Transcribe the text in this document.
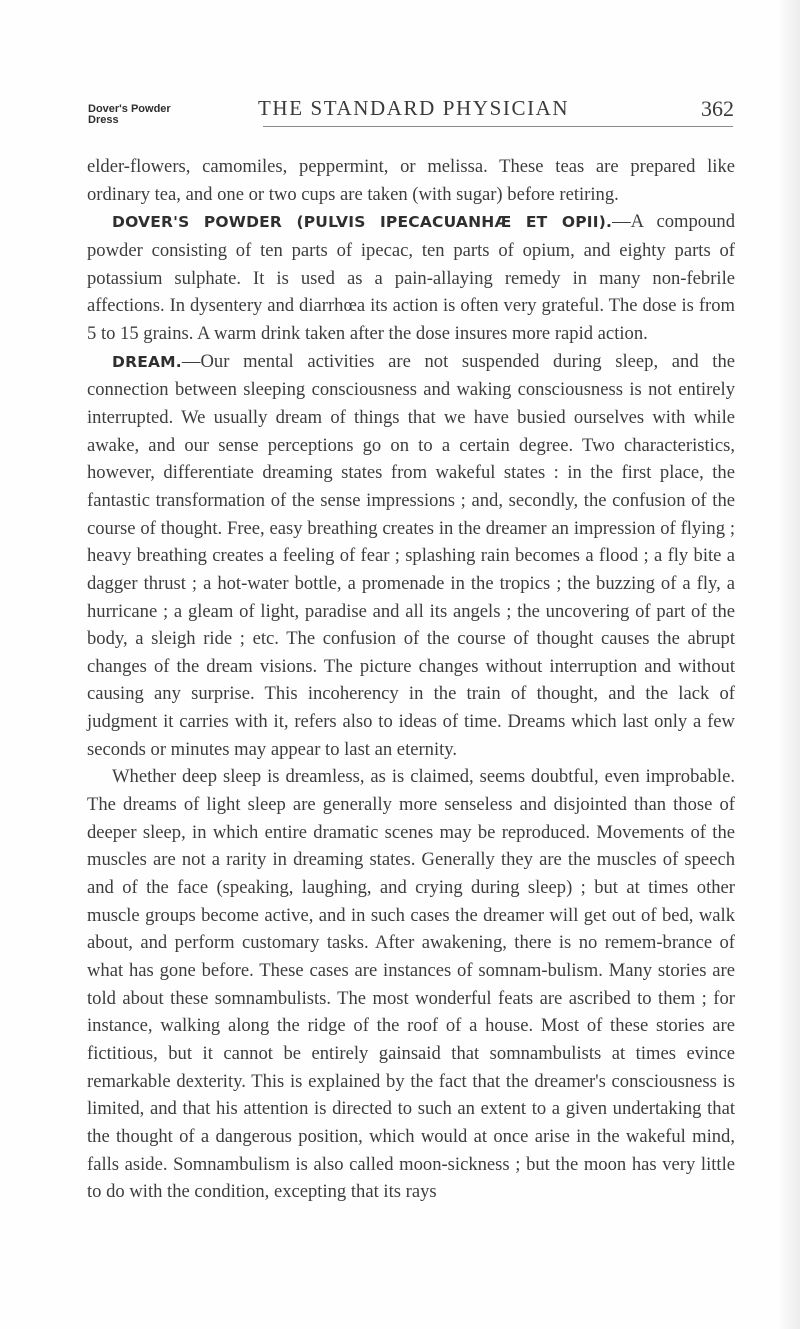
Dover's Powder Dress	THE STANDARD PHYSICIAN	362

elder-flowers, camomiles, peppermint, or melissa. These teas are prepared like ordinary tea, and one or two cups are taken (with sugar) before retiring.

DOVER'S POWDER (PULVIS IPECACUANHÆ ET OPII).—A compound powder consisting of ten parts of ipecac, ten parts of opium, and eighty parts of potassium sulphate. It is used as a pain-allaying remedy in many non-febrile affections. In dysentery and diarrhœa its action is often very grateful. The dose is from 5 to 15 grains. A warm drink taken after the dose insures more rapid action.

DREAM.—Our mental activities are not suspended during sleep, and the connection between sleeping consciousness and waking consciousness is not entirely interrupted. We usually dream of things that we have busied ourselves with while awake, and our sense perceptions go on to a certain degree. Two characteristics, however, differentiate dreaming states from wakeful states : in the first place, the fantastic transformation of the sense impressions ; and, secondly, the confusion of the course of thought. Free, easy breathing creates in the dreamer an impression of flying ; heavy breathing creates a feeling of fear ; splashing rain becomes a flood ; a fly bite a dagger thrust ; a hot-water bottle, a promenade in the tropics ; the buzzing of a fly, a hurricane ; a gleam of light, paradise and all its angels ; the uncovering of part of the body, a sleigh ride ; etc. The confusion of the course of thought causes the abrupt changes of the dream visions. The picture changes without interruption and without causing any surprise. This incoherency in the train of thought, and the lack of judgment it carries with it, refers also to ideas of time. Dreams which last only a few seconds or minutes may appear to last an eternity.

Whether deep sleep is dreamless, as is claimed, seems doubtful, even improbable. The dreams of light sleep are generally more senseless and disjointed than those of deeper sleep, in which entire dramatic scenes may be reproduced. Movements of the muscles are not a rarity in dreaming states. Generally they are the muscles of speech and of the face (speaking, laughing, and crying during sleep) ; but at times other muscle groups become active, and in such cases the dreamer will get out of bed, walk about, and perform customary tasks. After awakening, there is no remem-brance of what has gone before. These cases are instances of somnam-bulism. Many stories are told about these somnambulists. The most wonderful feats are ascribed to them ; for instance, walking along the ridge of the roof of a house. Most of these stories are fictitious, but it cannot be entirely gainsaid that somnambulists at times evince remarkable dexterity. This is explained by the fact that the dreamer's consciousness is limited, and that his attention is directed to such an extent to a given undertaking that the thought of a dangerous position, which would at once arise in the wakeful mind, falls aside. Somnambulism is also called moon-sickness ; but the moon has very little to do with the condition, excepting that its rays
